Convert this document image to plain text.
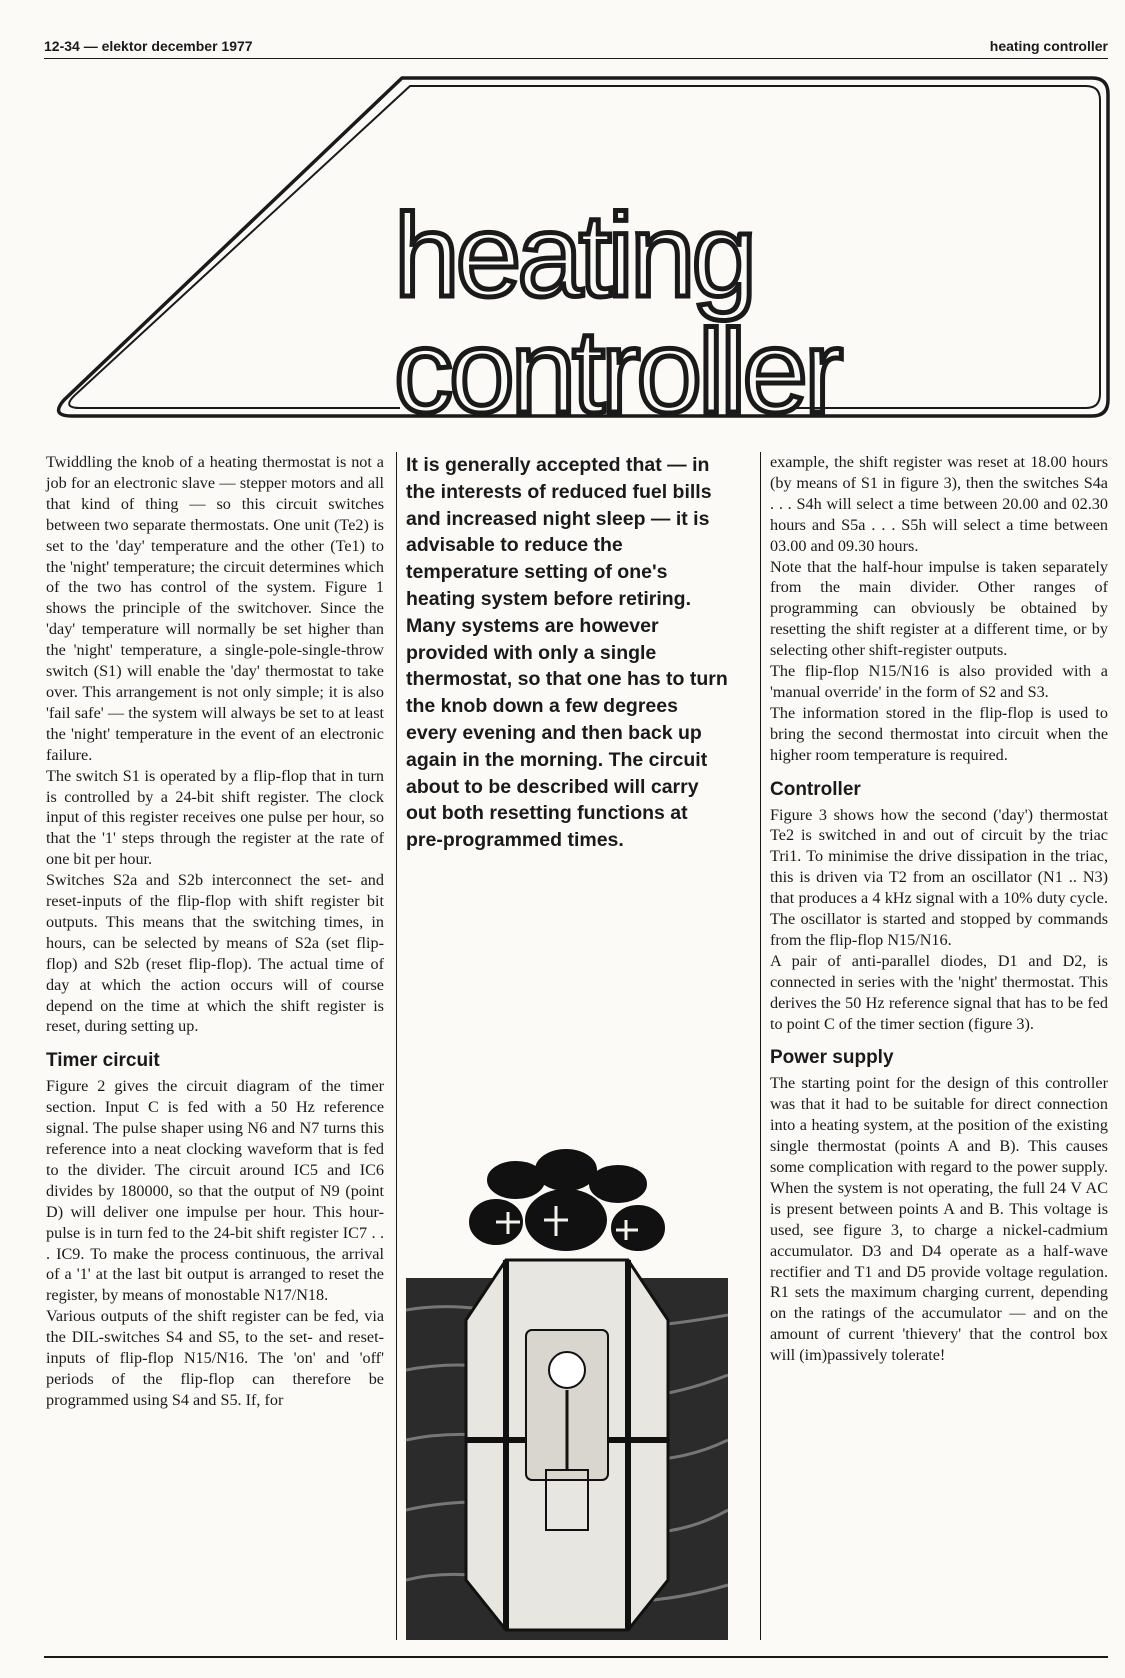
12-34 — elektor december 1977	heating controller
heating
controller

Twiddling the knob of a heating thermostat is not a job for an electronic slave — stepper motors and all that kind of thing — so this circuit switches between two separate thermostats. One unit (Te2) is set to the 'day' temperature and the other (Te1) to the 'night' temperature; the circuit determines which of the two has control of the system. Figure 1 shows the principle of the switchover. Since the 'day' temperature will normally be set higher than the 'night' temperature, a single-pole-single-throw switch (S1) will enable the 'day' thermostat to take over. This arrangement is not only simple; it is also 'fail safe' — the system will always be set to at least the 'night' temperature in the event of an electronic failure.

The switch S1 is operated by a flip-flop that in turn is controlled by a 24-bit shift register. The clock input of this register receives one pulse per hour, so that the '1' steps through the register at the rate of one bit per hour.

Switches S2a and S2b interconnect the set- and reset-inputs of the flip-flop with shift register bit outputs. This means that the switching times, in hours, can be selected by means of S2a (set flip-flop) and S2b (reset flip-flop). The actual time of day at which the action occurs will of course depend on the time at which the shift register is reset, during setting up.

Timer circuit

Figure 2 gives the circuit diagram of the timer section. Input C is fed with a 50 Hz reference signal. The pulse shaper using N6 and N7 turns this reference into a neat clocking waveform that is fed to the divider. The circuit around IC5 and IC6 divides by 180000, so that the output of N9 (point D) will deliver one impulse per hour. This hour-pulse is in turn fed to the 24-bit shift register IC7 . . . IC9. To make the process continuous, the arrival of a '1' at the last bit output is arranged to reset the register, by means of monostable N17/N18.

Various outputs of the shift register can be fed, via the DIL-switches S4 and S5, to the set- and reset-inputs of flip-flop N15/N16. The 'on' and 'off' periods of the flip-flop can therefore be programmed using S4 and S5. If, for

It is generally accepted that — in the interests of reduced fuel bills and increased night sleep — it is advisable to reduce the temperature setting of one's heating system before retiring. Many systems are however provided with only a single thermostat, so that one has to turn the knob down a few degrees every evening and then back up again in the morning. The circuit about to be described will carry out both resetting functions at pre-programmed times.

example, the shift register was reset at 18.00 hours (by means of S1 in figure 3), then the switches S4a . . . S4h will select a time between 20.00 and 02.30 hours and S5a . . . S5h will select a time between 03.00 and 09.30 hours.

Note that the half-hour impulse is taken separately from the main divider. Other ranges of programming can obviously be obtained by resetting the shift register at a different time, or by selecting other shift-register outputs.

The flip-flop N15/N16 is also provided with a 'manual override' in the form of S2 and S3.

The information stored in the flip-flop is used to bring the second thermostat into circuit when the higher room temperature is required.

Controller

Figure 3 shows how the second ('day') thermostat Te2 is switched in and out of circuit by the triac Tri1. To minimise the drive dissipation in the triac, this is driven via T2 from an oscillator (N1 .. N3) that produces a 4 kHz signal with a 10% duty cycle. The oscillator is started and stopped by commands from the flip-flop N15/N16.

A pair of anti-parallel diodes, D1 and D2, is connected in series with the 'night' thermostat. This derives the 50 Hz reference signal that has to be fed to point C of the timer section (figure 3).

Power supply

The starting point for the design of this controller was that it had to be suitable for direct connection into a heating system, at the position of the existing single thermostat (points A and B). This causes some complication with regard to the power supply. When the system is not operating, the full 24 V AC is present between points A and B. This voltage is used, see figure 3, to charge a nickel-cadmium accumulator. D3 and D4 operate as a half-wave rectifier and T1 and D5 provide voltage regulation. R1 sets the maximum charging current, depending on the ratings of the accumulator — and on the amount of current 'thievery' that the control box will (im)passively tolerate!
